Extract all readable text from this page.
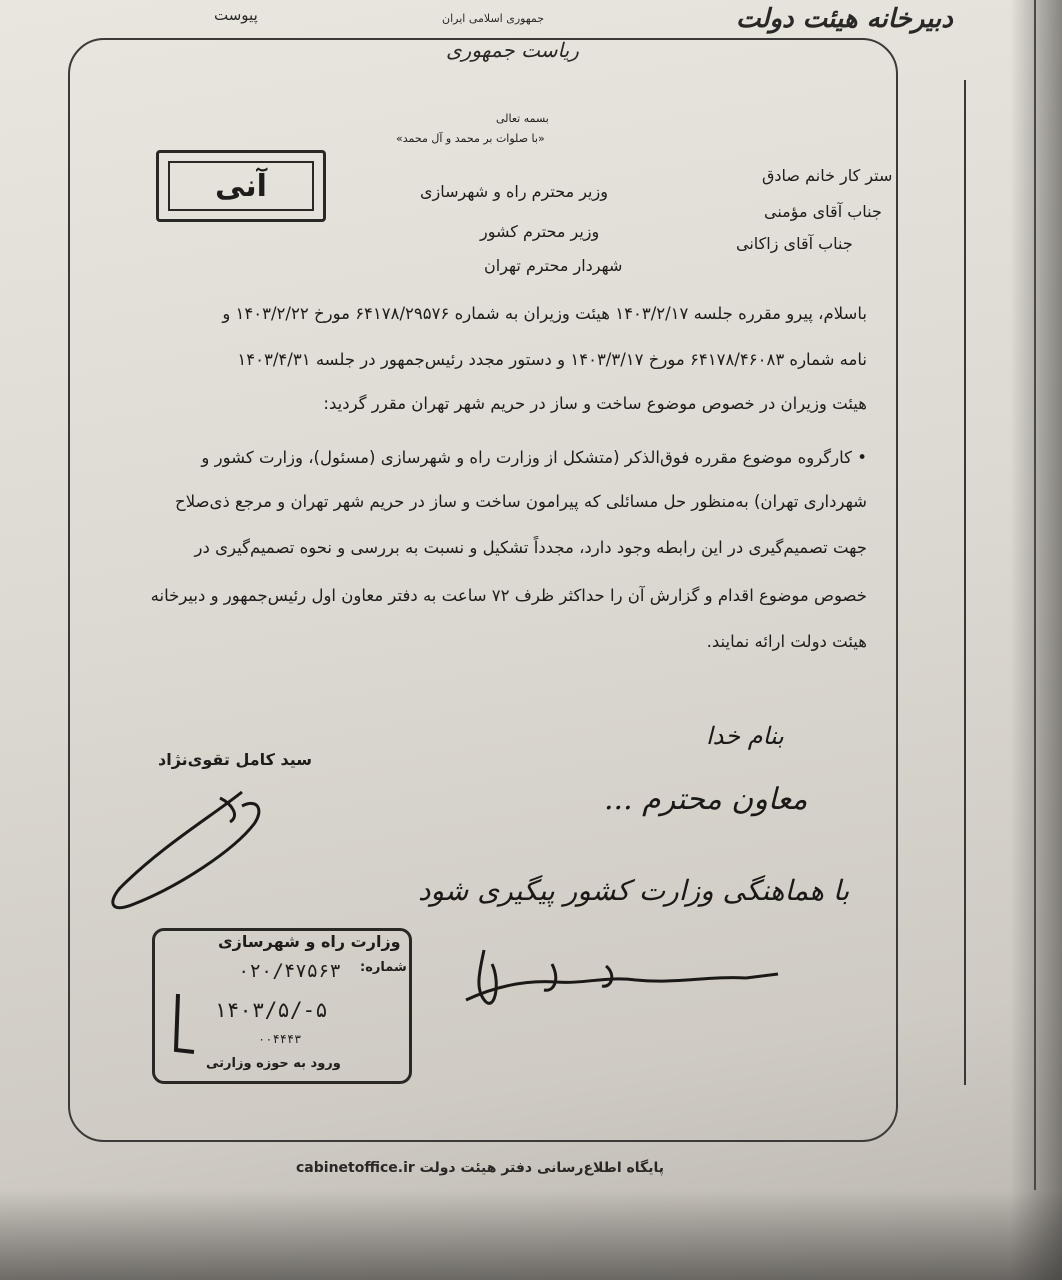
دبیرخانه هیئت دولت
پیوست	جمهوری اسلامی ایران
ریاست جمهوری
بسمه تعالی
«با صلوات بر محمد و آل محمد»
آنی	ستر کار خانم صادق
جناب آقای مؤمنی
جناب آقای زاکانی
وزیر محترم راه و شهرسازی
وزیر محترم کشور
شهردار محترم تهران
باسلام، پیرو مقرره جلسه ۱۴۰۳/۲/۱۷ هیئت وزیران به شماره ۶۴۱۷۸/۲۹۵۷۶ مورخ ۱۴۰۳/۲/۲۲ و
نامه شماره ۶۴۱۷۸/۴۶۰۸۳ مورخ ۱۴۰۳/۳/۱۷ و دستور مجدد رئیس‌جمهور در جلسه ۱۴۰۳/۴/۳۱
هیئت وزیران در خصوص موضوع ساخت و ساز در حریم شهر تهران مقرر گردید:
• کارگروه موضوع مقرره فوق‌الذکر (متشکل از وزارت راه و شهرسازی (مسئول)، وزارت کشور و
شهرداری تهران) به‌منظور حل مسائلی که پیرامون ساخت و ساز در حریم شهر تهران و مرجع ذی‌صلاح
جهت تصمیم‌گیری در این رابطه وجود دارد، مجدداً تشکیل و نسبت به بررسی و نحوه تصمیم‌گیری در
خصوص موضوع اقدام و گزارش آن را حداکثر ظرف ۷۲ ساعت به دفتر معاون اول رئیس‌جمهور و دبیرخانه
هیئت دولت ارائه نمایند.
سید کامل تقوی‌نژاد
وزارت راه و شهرسازی
شماره:
۰۲۰/۴۷۵۶۳
۱۴۰۳/۵/-۵
۰۰۴۴۴۳
ورود به حوزه وزارتی
بنام خدا
معاون محترم ...
با هماهنگی وزارت کشور پیگیری شود
پایگاه اطلاع‌رسانی دفتر هیئت دولت cabinetoffice.ir
